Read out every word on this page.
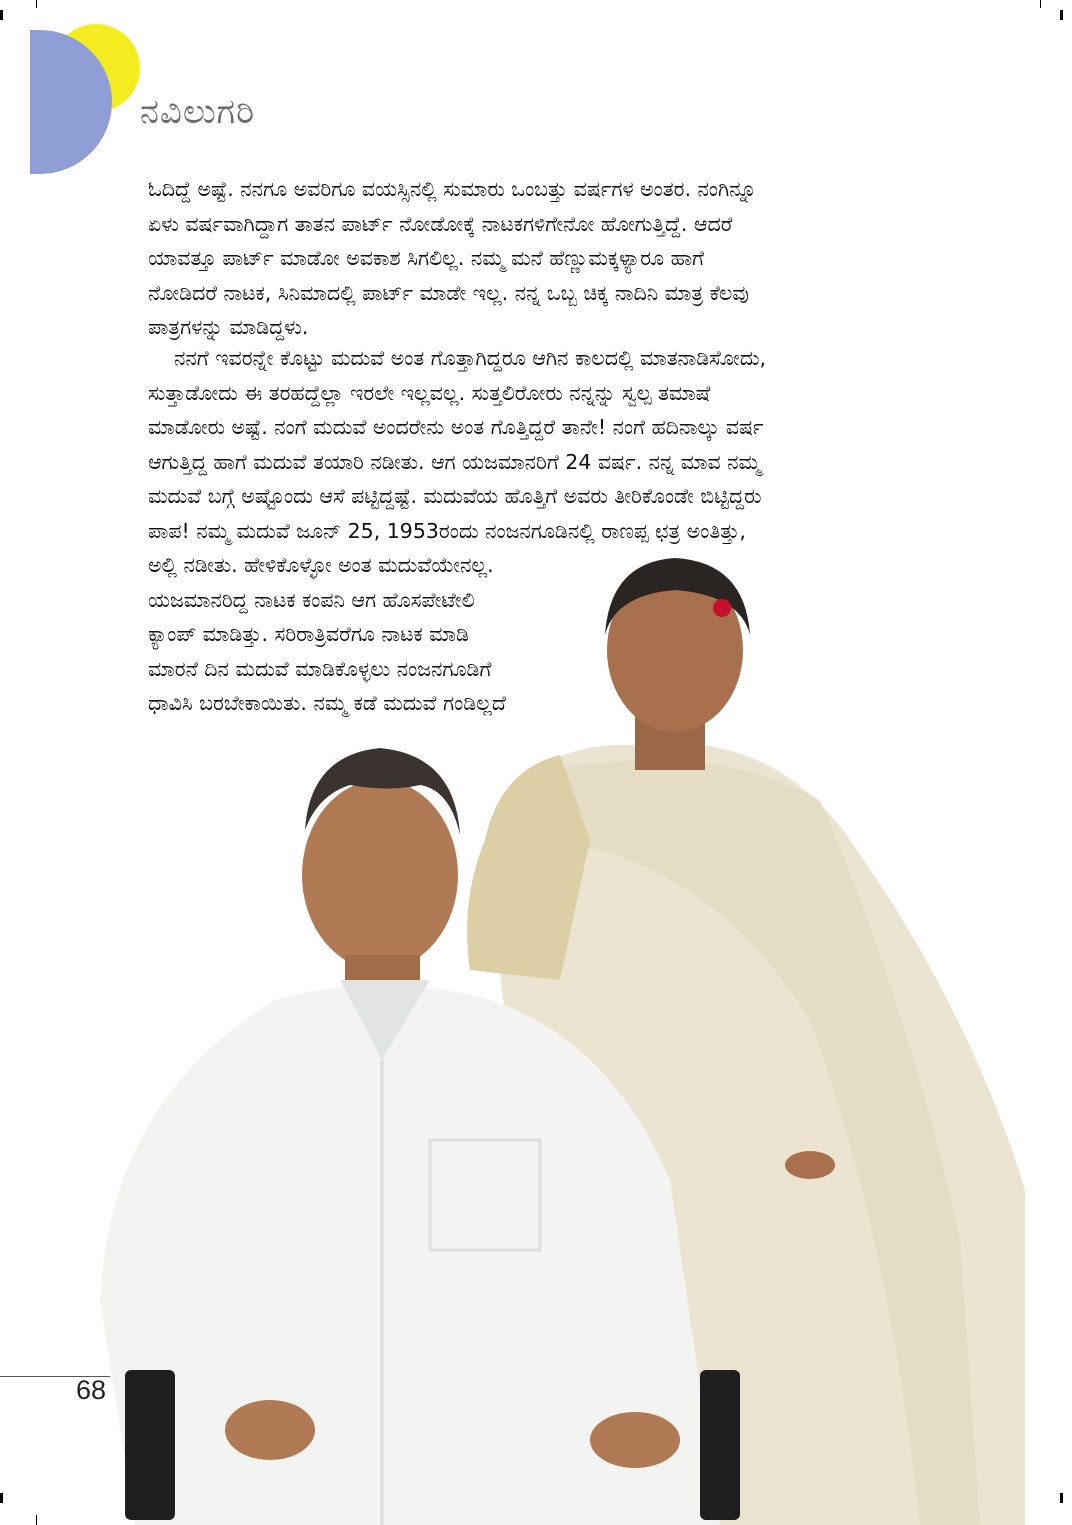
ನವಿಲುಗರಿ
ಓದಿದ್ದೆ ಅಷ್ಟೆ. ನನಗೂ ಅವರಿಗೂ ವಯಸ್ಸಿನಲ್ಲಿ ಸುಮಾರು ಒಂಬತ್ತು ವರ್ಷಗಳ ಅಂತರ. ನಂಗಿನ್ನೂ
ಏಳು ವರ್ಷವಾಗಿದ್ದಾಗ ತಾತನ ಪಾರ್ಟ್ ನೋಡೋಕ್ಕೆ ನಾಟಕಗಳಿಗೇನೋ ಹೋಗುತ್ತಿದ್ದೆ. ಆದರೆ
ಯಾವತ್ತೂ ಪಾರ್ಟ್ ಮಾಡೋ ಅವಕಾಶ ಸಿಗಲಿಲ್ಲ. ನಮ್ಮ ಮನೆ ಹೆಣ್ಣುಮಕ್ಕಳ್ಯಾರೂ ಹಾಗೆ
ನೋಡಿದರೆ ನಾಟಕ, ಸಿನಿಮಾದಲ್ಲಿ ಪಾರ್ಟ್ ಮಾಡೇ ಇಲ್ಲ. ನನ್ನ ಒಬ್ಬ ಚಿಕ್ಕ ನಾದಿನಿ ಮಾತ್ರ ಕೆಲವು
ಪಾತ್ರಗಳನ್ನು ಮಾಡಿದ್ದಳು.
ನನಗೆ ಇವರನ್ನೇ ಕೊಟ್ಟು ಮದುವೆ ಅಂತ ಗೊತ್ತಾಗಿದ್ದರೂ ಆಗಿನ ಕಾಲದಲ್ಲಿ ಮಾತನಾಡಿಸೋದು,
ಸುತ್ತಾಡೋದು ಈ ತರಹದ್ದೆಲ್ಲಾ ಇರಲೇ ಇಲ್ಲವಲ್ಲ. ಸುತ್ತಲಿರೋರು ನನ್ನನ್ನು ಸ್ವಲ್ಪ ತಮಾಷೆ
ಮಾಡೋರು ಅಷ್ಟೆ. ನಂಗೆ ಮದುವೆ ಅಂದರೇನು ಅಂತ ಗೊತ್ತಿದ್ದರೆ ತಾನೇ! ನಂಗೆ ಹದಿನಾಲ್ಕು ವರ್ಷ
ಆಗುತ್ತಿದ್ದ ಹಾಗೆ ಮದುವೆ ತಯಾರಿ ನಡೀತು. ಆಗ ಯಜಮಾನರಿಗೆ 24 ವರ್ಷ. ನನ್ನ ಮಾವ ನಮ್ಮ
ಮದುವೆ ಬಗ್ಗೆ ಅಷ್ಟೊಂದು ಆಸೆ ಪಟ್ಟಿದ್ದಷ್ಟೆ. ಮದುವೆಯ ಹೊತ್ತಿಗೆ ಅವರು ತೀರಿಕೊಂಡೇ ಬಿಟ್ಟಿದ್ದರು
ಪಾಪ! ನಮ್ಮ ಮದುವೆ ಜೂನ್ 25, 1953ರಂದು ನಂಜನಗೂಡಿನಲ್ಲಿ ರಾಣಪ್ಪ ಛತ್ರ ಅಂತಿತ್ತು,
ಅಲ್ಲಿ ನಡೀತು. ಹೇಳಿಕೊಳ್ಳೋ ಅಂತ ಮದುವೆಯೇನಲ್ಲ.
ಯಜಮಾನರಿದ್ದ ನಾಟಕ ಕಂಪನಿ ಆಗ ಹೊಸಪೇಟೇಲಿ
ಕ್ಯಾಂಪ್ ಮಾಡಿತ್ತು. ಸರಿರಾತ್ರಿವರೆಗೂ ನಾಟಕ ಮಾಡಿ
ಮಾರನೆ ದಿನ ಮದುವೆ ಮಾಡಿಕೊಳ್ಳಲು ನಂಜನಗೂಡಿಗೆ
ಧಾವಿಸಿ ಬರಬೇಕಾಯಿತು. ನಮ್ಮ ಕಡೆ ಮದುವೆ ಗಂಡಿಲ್ಲದೆ
68
